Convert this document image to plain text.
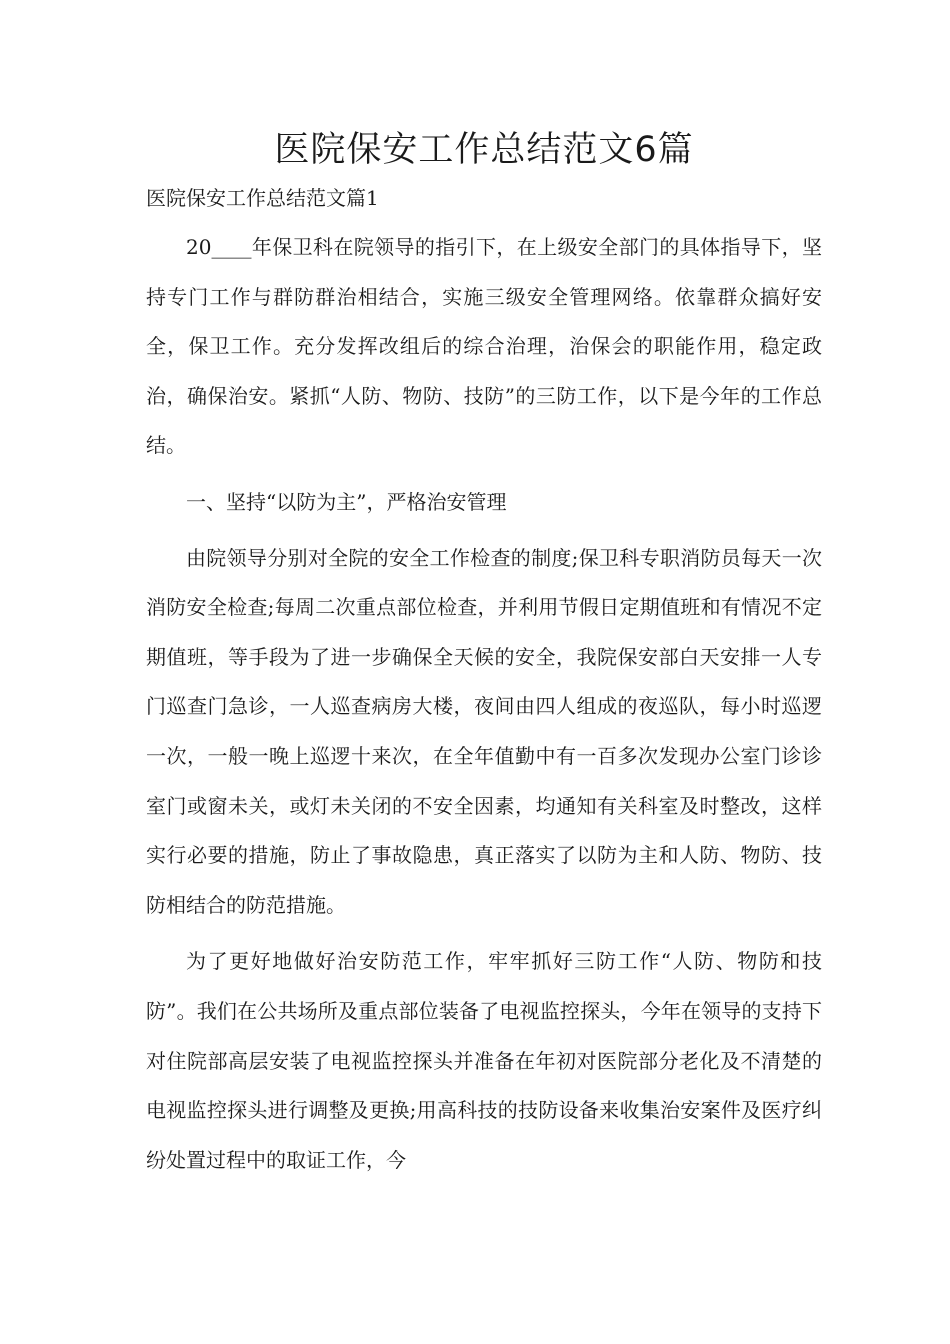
医院保安工作总结范文6篇
医院保安工作总结范文篇1

20____年保卫科在院领导的指引下，在上级安全部门的具体指导下，坚持专门工作与群防群治相结合，实施三级安全管理网络。依靠群众搞好安全，保卫工作。充分发挥改组后的综合治理，治保会的职能作用，稳定政治，确保治安。紧抓“人防、物防、技防”的三防工作，以下是今年的工作总结。

一、坚持“以防为主”，严格治安管理

由院领导分别对全院的安全工作检查的制度;保卫科专职消防员每天一次消防安全检查;每周二次重点部位检查，并利用节假日定期值班和有情况不定期值班，等手段为了进一步确保全天候的安全，我院保安部白天安排一人专门巡查门急诊，一人巡查病房大楼，夜间由四人组成的夜巡队，每小时巡逻一次，一般一晚上巡逻十来次，在全年值勤中有一百多次发现办公室门诊诊室门或窗未关，或灯未关闭的不安全因素，均通知有关科室及时整改，这样实行必要的措施，防止了事故隐患，真正落实了以防为主和人防、物防、技防相结合的防范措施。

为了更好地做好治安防范工作，牢牢抓好三防工作“人防、物防和技防”。我们在公共场所及重点部位装备了电视监控探头，今年在领导的支持下对住院部高层安装了电视监控探头并准备在年初对医院部分老化及不清楚的电视监控探头进行调整及更换;用高科技的技防设备来收集治安案件及医疗纠纷处置过程中的取证工作，今
